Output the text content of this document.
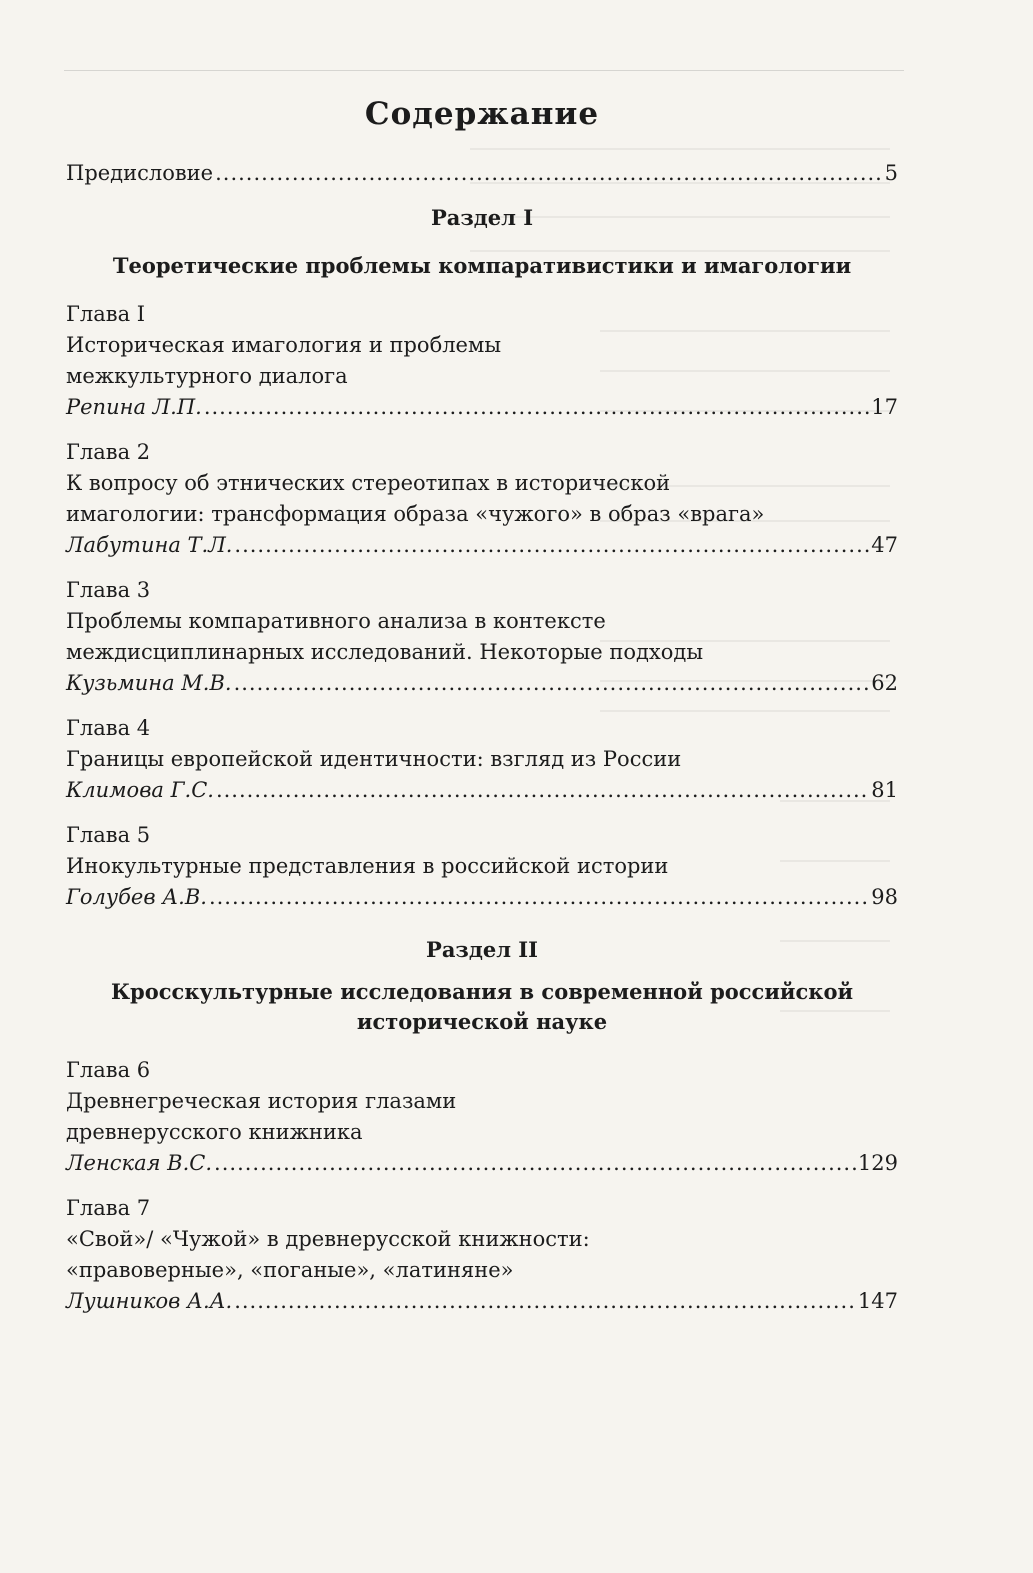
Содержание
Предисловие .....	5
Раздел I
Теоретические проблемы компаративистики и имагологии
Глава I
Историческая имагология и проблемы
межкультурного диалога
Репина Л.П. .....	17
Глава 2
К вопросу об этнических стереотипах в исторической
имагологии: трансформация образа «чужого» в образ «врага»
Лабутина Т.Л. .....	47
Глава 3
Проблемы компаративного анализа в контексте
междисциплинарных исследований. Некоторые подходы
Кузьмина М.В. .....	62
Глава 4
Границы европейской идентичности: взгляд из России
Климова Г.С. .....	81
Глава 5
Инокультурные представления в российской истории
Голубев А.В. .....	98
Раздел II
Кросскультурные исследования в современной российской
исторической науке
Глава 6
Древнегреческая история глазами
древнерусского книжника
Ленская В.С. .....	129
Глава 7
«Свой»/ «Чужой» в древнерусской книжности:
«правоверные», «поганые», «латиняне»
Лушников А.А. .....	147
